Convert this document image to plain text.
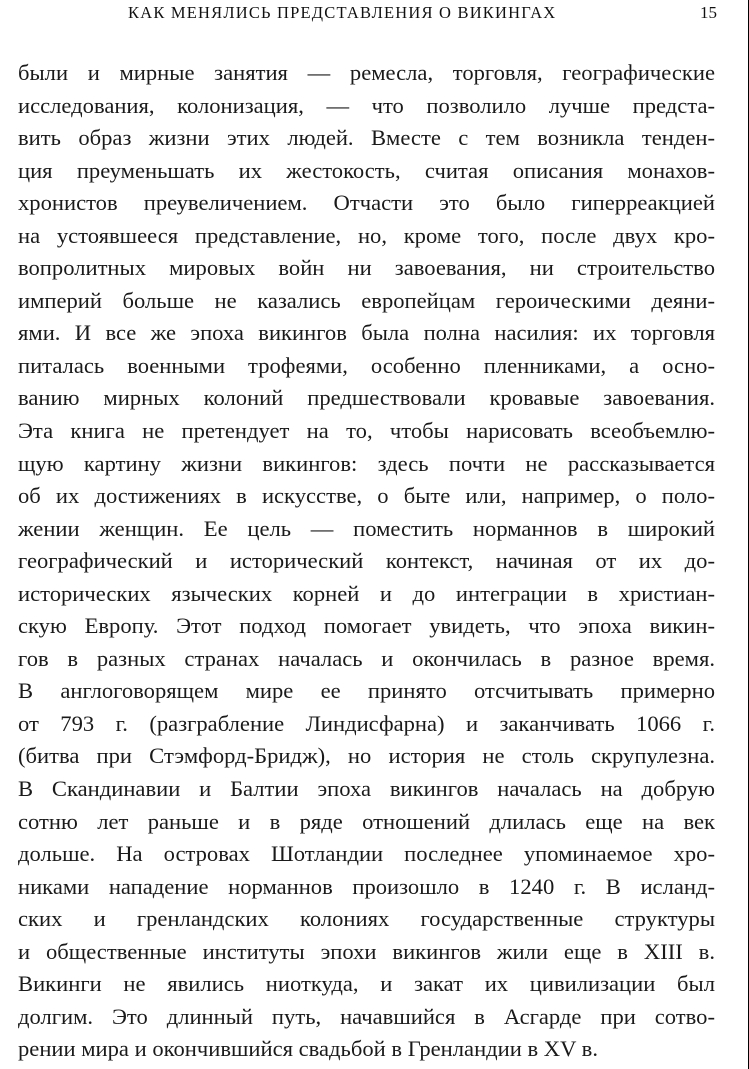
КАК МЕНЯЛИСЬ ПРЕДСТАВЛЕНИЯ О ВИКИНГАХ	15
были и мирные занятия — ремесла, торговля, географические
исследования, колонизация, — что позволило лучше предста-
вить образ жизни этих людей. Вместе с тем возникла тенден-
ция преуменьшать их жестокость, считая описания монахов-
хронистов преувеличением. Отчасти это было гиперреакцией
на устоявшееся представление, но, кроме того, после двух кро-
вопролитных мировых войн ни завоевания, ни строительство
империй больше не казались европейцам героическими деяни-
ями. И все же эпоха викингов была полна насилия: их торговля
питалась военными трофеями, особенно пленниками, а осно-
ванию мирных колоний предшествовали кровавые завоевания.
Эта книга не претендует на то, чтобы нарисовать всеобъемлю-
щую картину жизни викингов: здесь почти не рассказывается
об их достижениях в искусстве, о быте или, например, о поло-
жении женщин. Ее цель — поместить норманнов в широкий
географический и исторический контекст, начиная от их до-
исторических языческих корней и до интеграции в христиан-
скую Европу. Этот подход помогает увидеть, что эпоха викин-
гов в разных странах началась и окончилась в разное время.
В англоговорящем мире ее принято отсчитывать примерно
от 793 г. (разграбление Линдисфарна) и заканчивать 1066 г.
(битва при Стэмфорд-Бридж), но история не столь скрупулезна.
В Скандинавии и Балтии эпоха викингов началась на добрую
сотню лет раньше и в ряде отношений длилась еще на век
дольше. На островах Шотландии последнее упоминаемое хро-
никами нападение норманнов произошло в 1240 г. В исланд-
ских и гренландских колониях государственные структуры
и общественные институты эпохи викингов жили еще в XIII в.
Викинги не явились ниоткуда, и закат их цивилизации был
долгим. Это длинный путь, начавшийся в Асгарде при сотво-
рении мира и окончившийся свадьбой в Гренландии в XV в.
